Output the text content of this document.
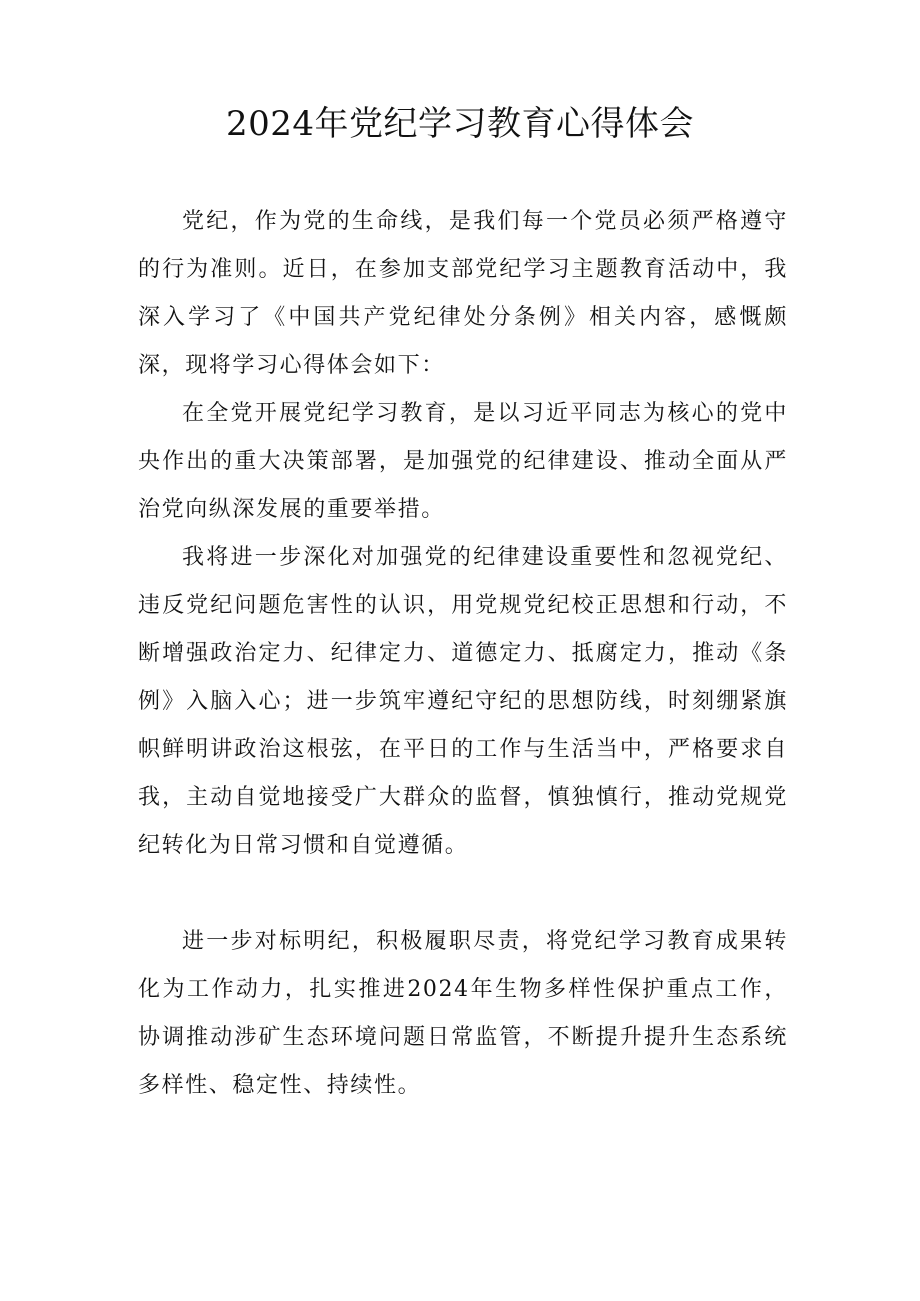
2024年党纪学习教育心得体会

党纪，作为党的生命线，是我们每一个党员必须严格遵守的行为准则。近日，在参加支部党纪学习主题教育活动中，我深入学习了《中国共产党纪律处分条例》相关内容，感慨颇深，现将学习心得体会如下：

在全党开展党纪学习教育，是以习近平同志为核心的党中央作出的重大决策部署，是加强党的纪律建设、推动全面从严治党向纵深发展的重要举措。

我将进一步深化对加强党的纪律建设重要性和忽视党纪、违反党纪问题危害性的认识，用党规党纪校正思想和行动，不断增强政治定力、纪律定力、道德定力、抵腐定力，推动《条例》入脑入心；进一步筑牢遵纪守纪的思想防线，时刻绷紧旗帜鲜明讲政治这根弦，在平日的工作与生活当中，严格要求自我，主动自觉地接受广大群众的监督，慎独慎行，推动党规党纪转化为日常习惯和自觉遵循。

进一步对标明纪，积极履职尽责，将党纪学习教育成果转化为工作动力，扎实推进2024年生物多样性保护重点工作，协调推动涉矿生态环境问题日常监管，不断提升提升生态系统多样性、稳定性、持续性。
